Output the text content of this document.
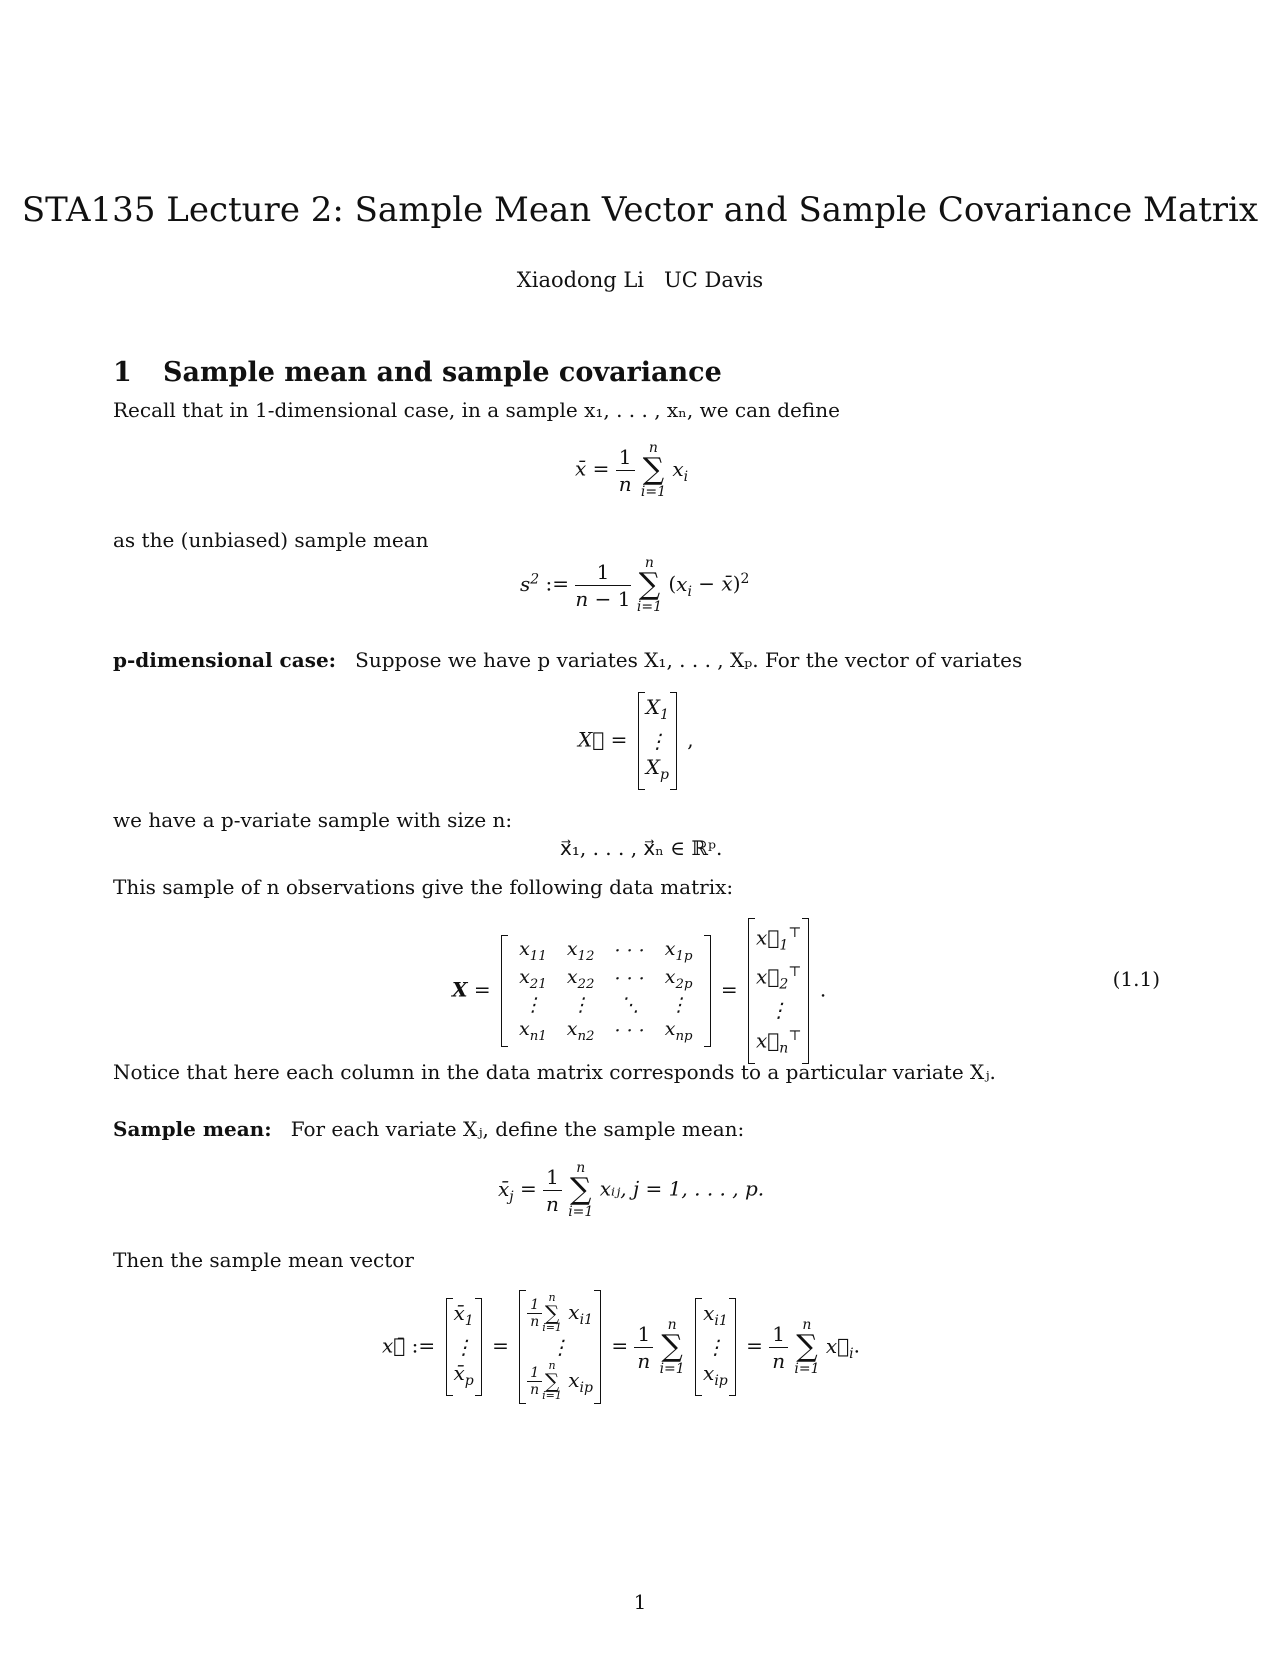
STA135 Lecture 2: Sample Mean Vector and Sample Covariance Matrix
Xiaodong Li UC Davis
1 Sample mean and sample covariance
Recall that in 1-dimensional case, in a sample x₁, . . . , xₙ, we can define
x̄ = $\frac{1}{n}$
	n
∑
i=1
$x_i$
as the (unbiased) sample mean
$s^2$ := $\frac{1}{n - 1}$
	n
∑
i=1
($x_i$ − x̄)$^2$
p-dimensional case: Suppose we have p variates X₁, . . . , Xₚ. For the vector of variates
X⃗ =
$X_1$
⋮
$X_p$
,
we have a p-variate sample with size n:
x⃗₁, . . . , x⃗ₙ ∈ ℝᵖ.
This sample of n observations give the following data matrix:
X =
$x_{11}$	$x_{12}$	· · ·	$x_{1p}$
$x_{21}$	$x_{22}$	· · ·	$x_{2p}$
⋮	⋮	⋱	⋮
$x_{n1}$	$x_{n2}$	· · ·	$x_{np}$
=
$x⃗_1^⊤$
$x⃗_2^⊤$
⋮
$x⃗_n^⊤$
.	(1.1)
Notice that here each column in the data matrix corresponds to a particular variate Xⱼ.
Sample mean: For each variate Xⱼ, define the sample mean:
$x̄_j = \frac{1}{n}$
	n
∑
i=1
xᵢⱼ, j = 1, . . . , p.
Then the sample mean vector
x⃗̄ :=
$x̄_1$
⋮
$x̄_p$
=
$\frac{1}{n}$ n
∑
i=1
$x_{i1}$
⋮
$\frac{1}{n}$ n
∑
i=1
$x_{ip}$
= $\frac{1}{n}$
	n
∑
i=1

$x_{i1}$
⋮
$x_{ip}$
= $\frac{1}{n}$
	n
∑
i=1
$x⃗_i$.
1
